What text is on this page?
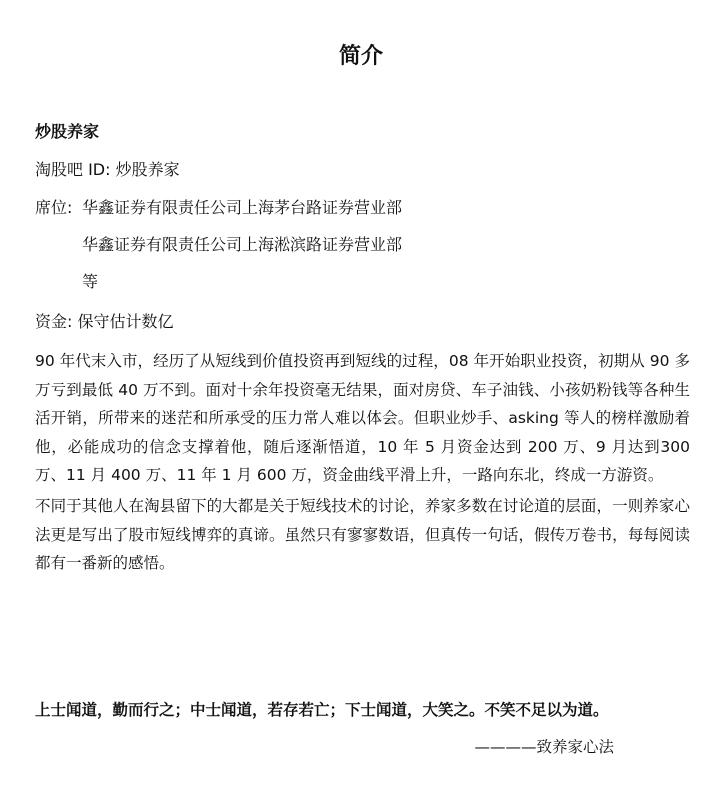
简介
炒股养家
淘股吧 ID: 炒股养家
席位: 华鑫证券有限责任公司上海茅台路证券营业部
华鑫证券有限责任公司上海淞滨路证券营业部
等
资金: 保守估计数亿
90 年代末入市，经历了从短线到价值投资再到短线的过程，08 年开始职业投资，初期从 90 多万亏到最低 40 万不到。面对十余年投资毫无结果，面对房贷、车子油钱、小孩奶粉钱等各种生活开销，所带来的迷茫和所承受的压力常人难以体会。但职业炒手、asking 等人的榜样激励着他，必能成功的信念支撑着他，随后逐渐悟道，10 年 5 月资金达到 200 万、9 月达到300 万、11 月 400 万、11 年 1 月 600 万，资金曲线平滑上升，一路向东北，终成一方游资。
不同于其他人在淘县留下的大都是关于短线技术的讨论，养家多数在讨论道的层面，一则养家心法更是写出了股市短线博弈的真谛。虽然只有寥寥数语，但真传一句话，假传万卷书，每每阅读都有一番新的感悟。
上士闻道，勤而行之；中士闻道，若存若亡；下士闻道，大笑之。不笑不足以为道。
————致养家心法
